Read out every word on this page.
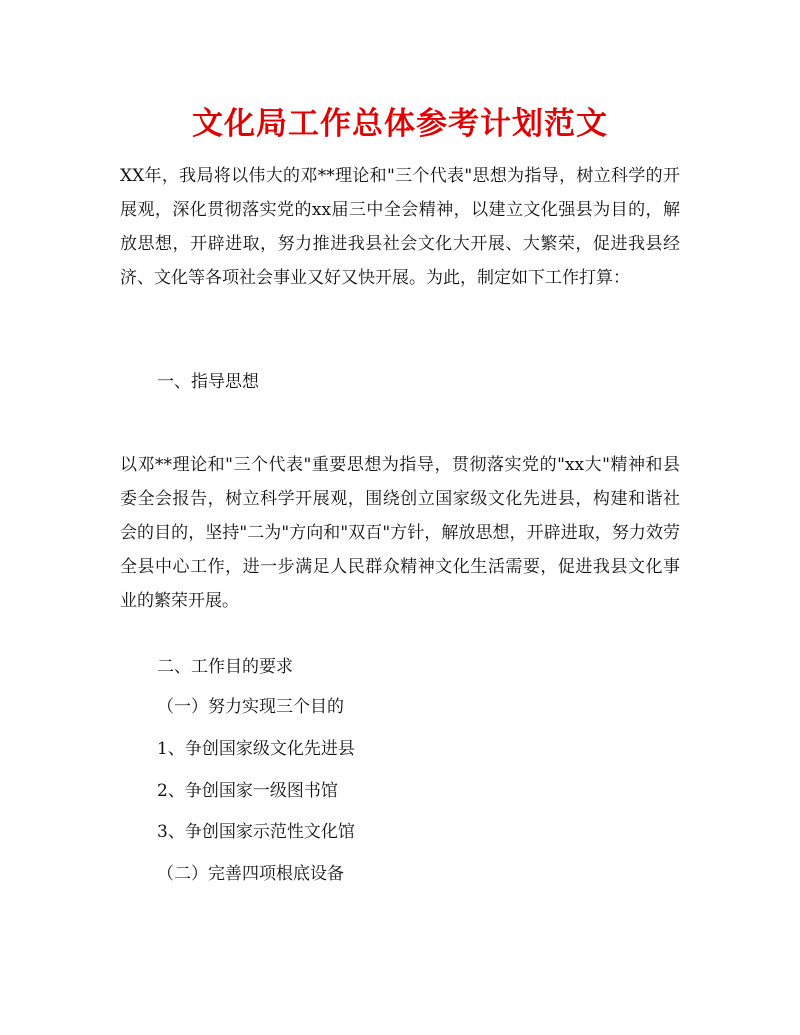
文化局工作总体参考计划范文

XX年，我局将以伟大的邓**理论和"三个代表"思想为指导，树立科学的开展观，深化贯彻落实党的xx届三中全会精神，以建立文化强县为目的，解放思想，开辟进取，努力推进我县社会文化大开展、大繁荣，促进我县经济、文化等各项社会事业又好又快开展。为此，制定如下工作打算：

一、指导思想

以邓**理论和"三个代表"重要思想为指导，贯彻落实党的"xx大"精神和县委全会报告，树立科学开展观，围绕创立国家级文化先进县，构建和谐社会的目的，坚持"二为"方向和"双百"方针，解放思想，开辟进取，努力效劳全县中心工作，进一步满足人民群众精神文化生活需要，促进我县文化事业的繁荣开展。

二、工作目的要求

（一）努力实现三个目的

1、争创国家级文化先进县

2、争创国家一级图书馆

3、争创国家示范性文化馆

（二）完善四项根底设备
